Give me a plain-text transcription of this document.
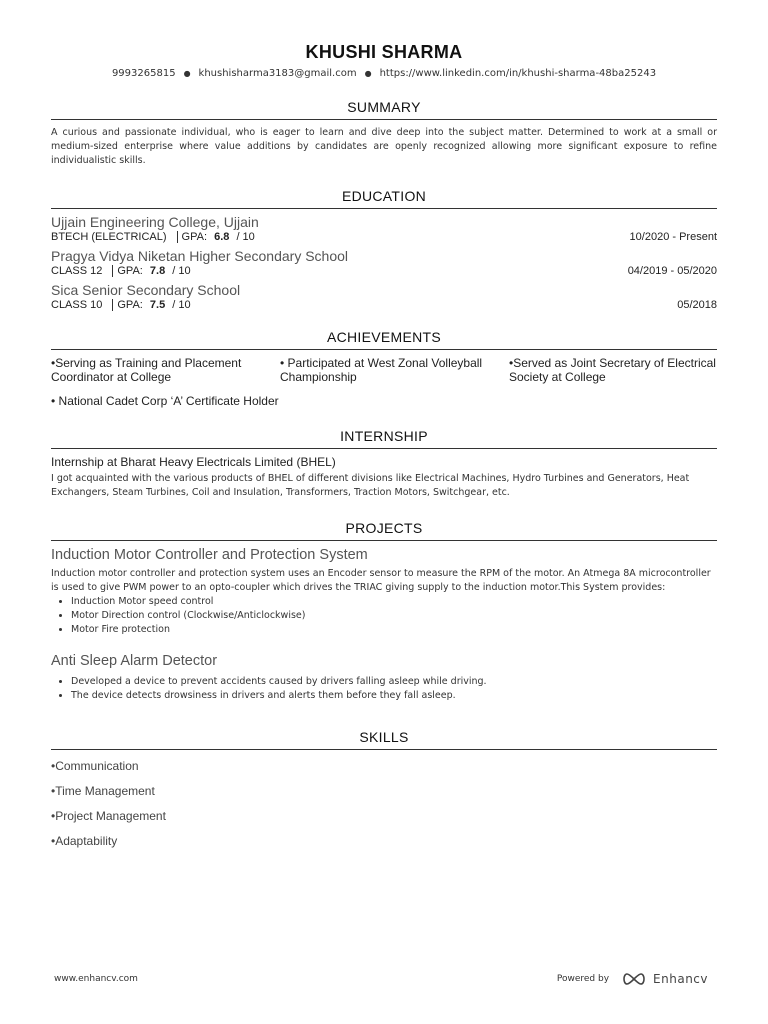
KHUSHI SHARMA
9993265815 ● khushisharma3183@gmail.com ● https://www.linkedin.com/in/khushi-sharma-48ba25243
SUMMARY
A curious and passionate individual, who is eager to learn and dive deep into the subject matter. Determined to work at a small or medium-sized enterprise where value additions by candidates are openly recognized allowing more significant exposure to refine individualistic skills.
EDUCATION
Ujjain Engineering College, Ujjain
BTECH (ELECTRICAL) GPA: 6.8 / 10	10/2020 - Present
Pragya Vidya Niketan Higher Secondary School
CLASS 12 GPA: 7.8 / 10	04/2019 - 05/2020
Sica Senior Secondary School
CLASS 10 GPA: 7.5 / 10	05/2018
ACHIEVEMENTS
•Serving as Training and Placement Coordinator at College
• Participated at West Zonal Volleyball Championship
•Served as Joint Secretary of Electrical Society at College
• National Cadet Corp ‘A’ Certificate Holder
INTERNSHIP
Internship at Bharat Heavy Electricals Limited (BHEL)
I got acquainted with the various products of BHEL of different divisions like Electrical Machines, Hydro Turbines and Generators, Heat Exchangers, Steam Turbines, Coil and Insulation, Transformers, Traction Motors, Switchgear, etc.
PROJECTS
Induction Motor Controller and Protection System
Induction motor controller and protection system uses an Encoder sensor to measure the RPM of the motor. An Atmega 8A microcontroller is used to give PWM power to an opto-coupler which drives the TRIAC giving supply to the induction motor.This System provides:
• Induction Motor speed control
• Motor Direction control (Clockwise/Anticlockwise)
• Motor Fire protection
Anti Sleep Alarm Detector
• Developed a device to prevent accidents caused by drivers falling asleep while driving.
• The device detects drowsiness in drivers and alerts them before they fall asleep.
SKILLS
•Communication
•Time Management
•Project Management
•Adaptability
www.enhancv.com	Powered by	Enhancv
